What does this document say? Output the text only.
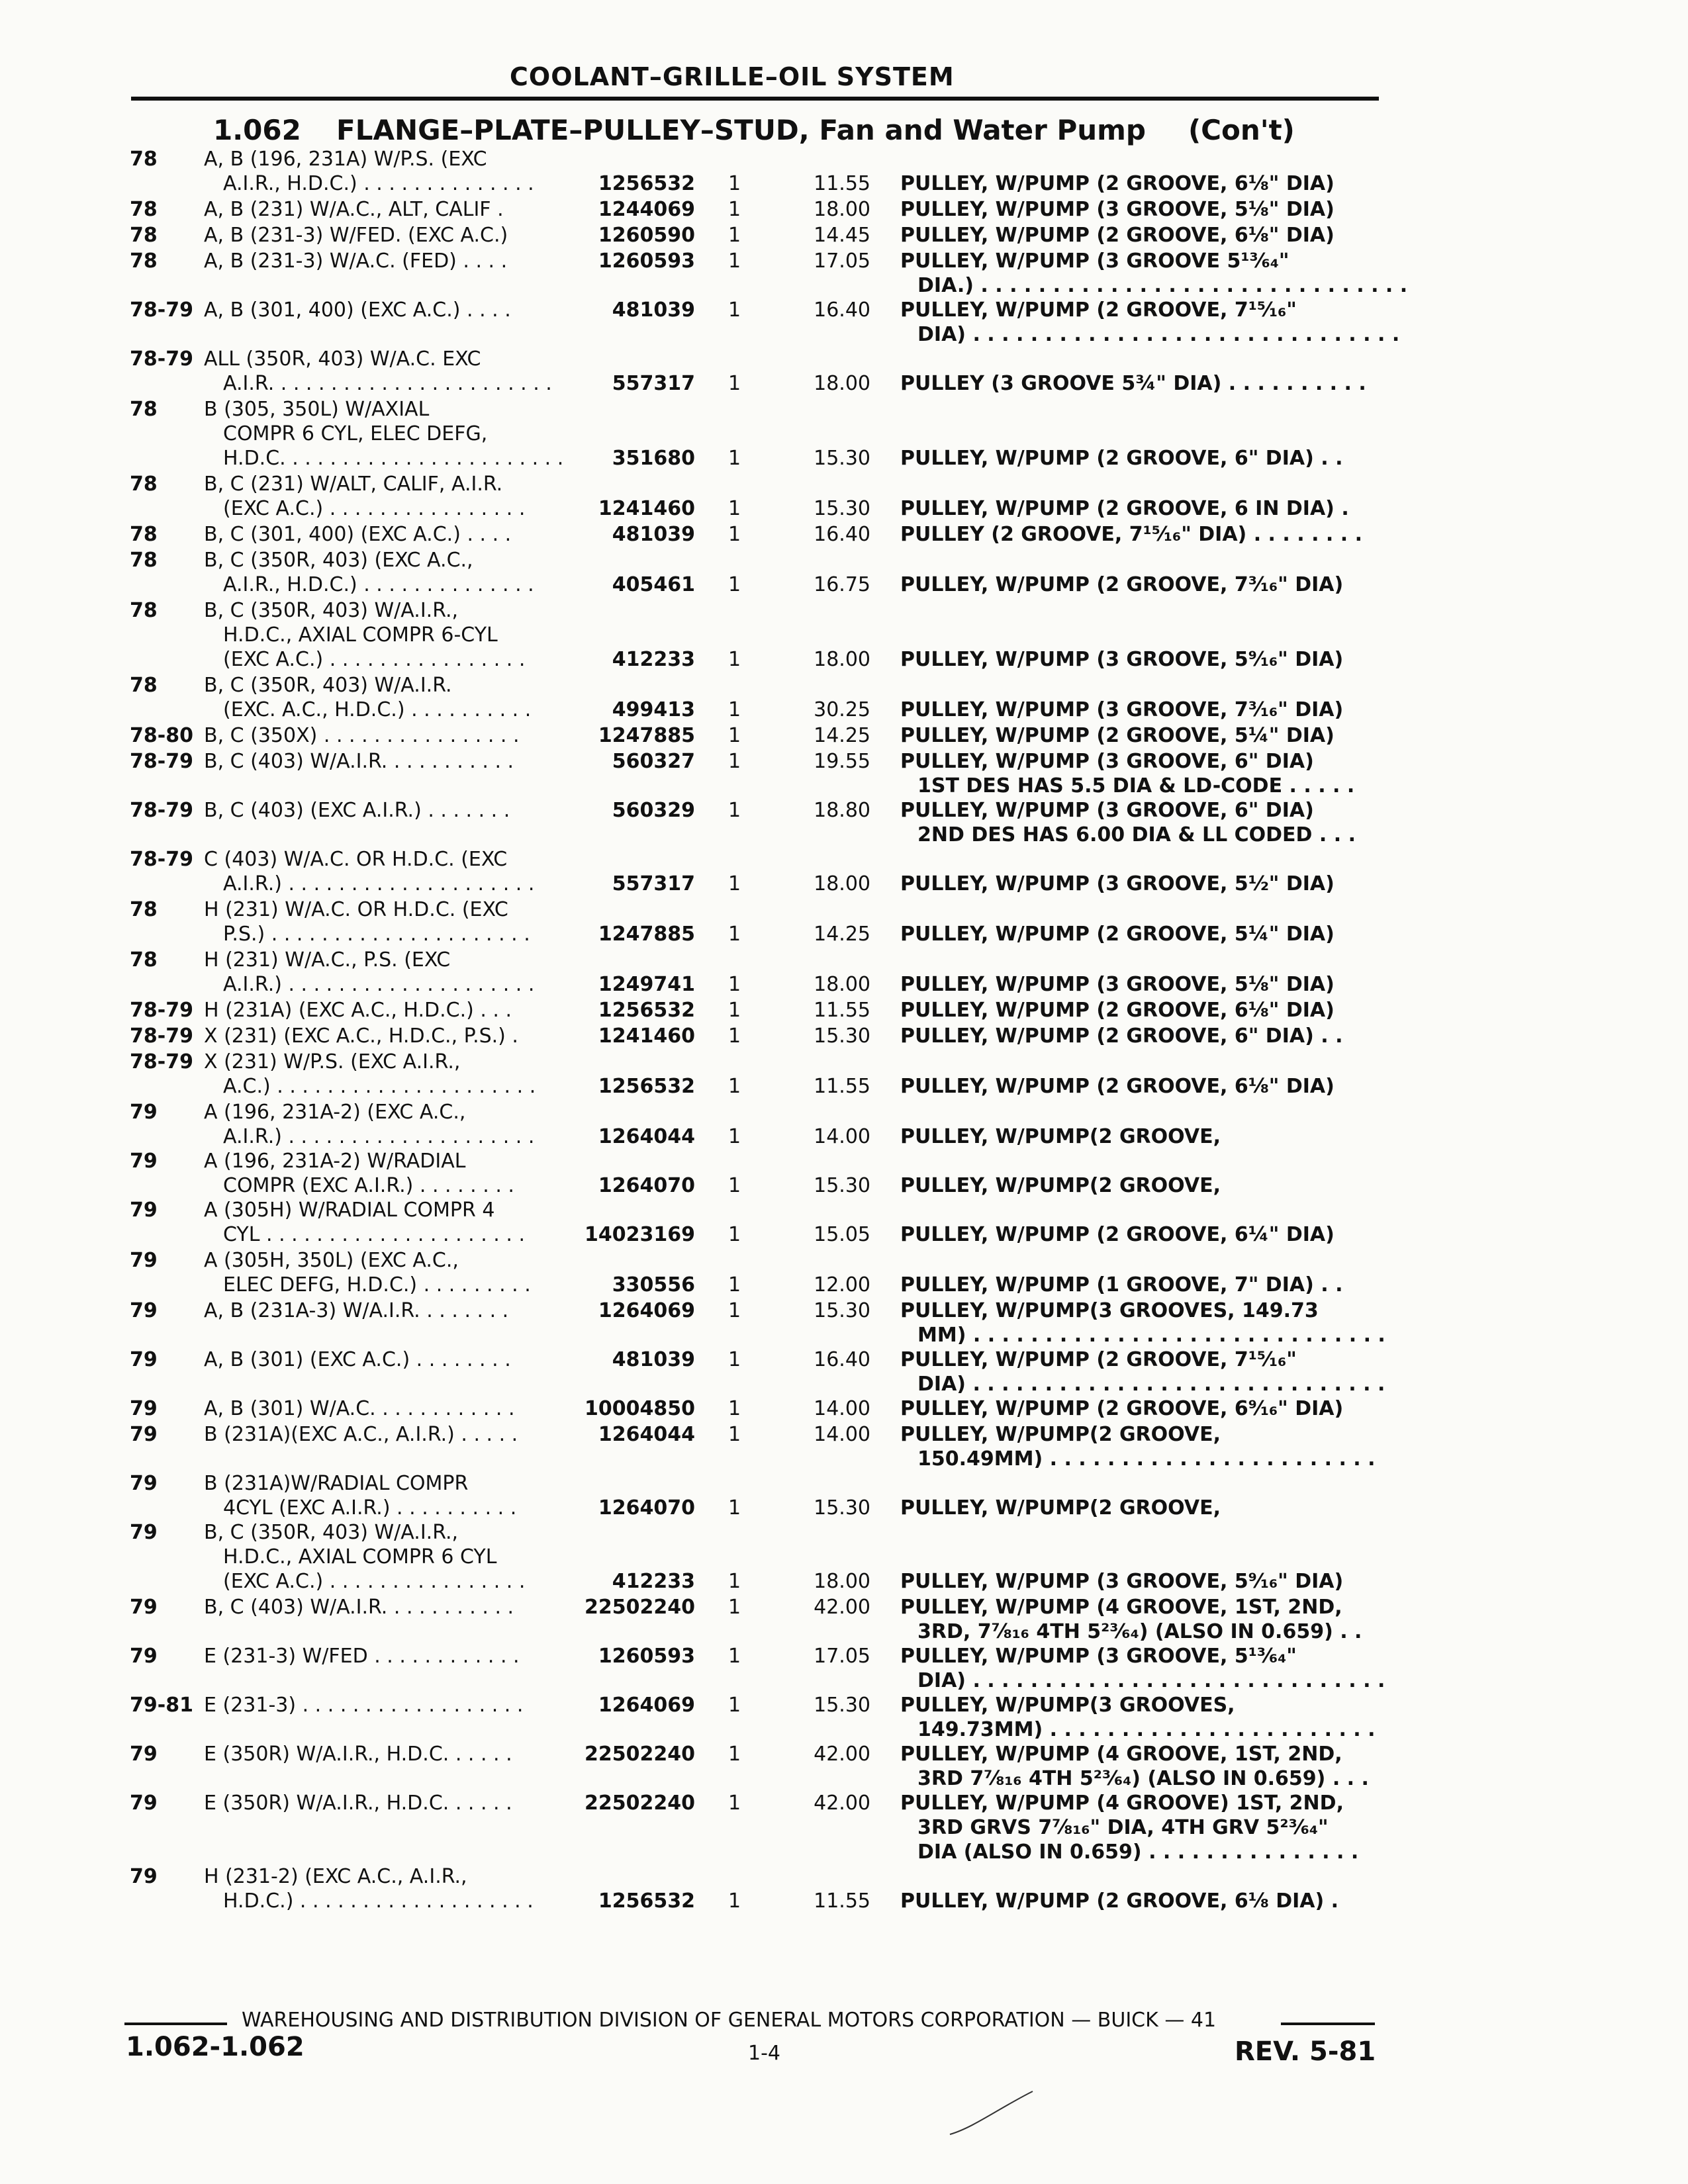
COOLANT–GRILLE–OIL SYSTEM
1.062 FLANGE–PLATE–PULLEY–STUD, Fan and Water Pump (Con't)
78 A, B (196, 231A) W/P.S. (EXC
A.I.R., H.D.C.) . . . . . . . . . . . . . .	1256532 1	11.55 PULLEY, W/PUMP (2 GROOVE, 6⅛" DIA)
78 A, B (231) W/A.C., ALT, CALIF .	1244069 1	18.00 PULLEY, W/PUMP (3 GROOVE, 5⅛" DIA)
78 A, B (231-3) W/FED. (EXC A.C.)	1260590 1	14.45 PULLEY, W/PUMP (2 GROOVE, 6⅛" DIA)
78 A, B (231-3) W/A.C. (FED) . . . .	1260593 1	17.05 PULLEY, W/PUMP (3 GROOVE 5¹³⁄₆₄"
DIA.) . . . . . . . . . . . . . . . . . . . . . . . . . . . . . .
78-79 A, B (301, 400) (EXC A.C.) . . . .	481039 1	16.40 PULLEY, W/PUMP (2 GROOVE, 7¹⁵⁄₁₆"
DIA) . . . . . . . . . . . . . . . . . . . . . . . . . . . . . .
78-79 ALL (350R, 403) W/A.C. EXC
A.I.R. . . . . . . . . . . . . . . . . . . . . . .	557317 1	18.00 PULLEY (3 GROOVE 5¾" DIA) . . . . . . . . . .
78 B (305, 350L) W/AXIAL
COMPR 6 CYL, ELEC DEFG,
H.D.C. . . . . . . . . . . . . . . . . . . . . . .	351680 1	15.30 PULLEY, W/PUMP (2 GROOVE, 6" DIA) . .
78 B, C (231) W/ALT, CALIF, A.I.R.
(EXC A.C.) . . . . . . . . . . . . . . . .	1241460 1	15.30 PULLEY, W/PUMP (2 GROOVE, 6 IN DIA) .
78 B, C (301, 400) (EXC A.C.) . . . .	481039 1	16.40 PULLEY (2 GROOVE, 7¹⁵⁄₁₆" DIA) . . . . . . . .
78 B, C (350R, 403) (EXC A.C.,
A.I.R., H.D.C.) . . . . . . . . . . . . . .	405461 1	16.75 PULLEY, W/PUMP (2 GROOVE, 7³⁄₁₆" DIA)
78 B, C (350R, 403) W/A.I.R.,
H.D.C., AXIAL COMPR 6-CYL
(EXC A.C.) . . . . . . . . . . . . . . . .	412233 1	18.00 PULLEY, W/PUMP (3 GROOVE, 5⁹⁄₁₆" DIA)
78 B, C (350R, 403) W/A.I.R.
(EXC. A.C., H.D.C.) . . . . . . . . . .	499413 1	30.25 PULLEY, W/PUMP (3 GROOVE, 7³⁄₁₆" DIA)
78-80 B, C (350X) . . . . . . . . . . . . . . . .	1247885 1	14.25 PULLEY, W/PUMP (2 GROOVE, 5¼" DIA)
78-79 B, C (403) W/A.I.R. . . . . . . . . . .	560327 1	19.55 PULLEY, W/PUMP (3 GROOVE, 6" DIA)
1ST DES HAS 5.5 DIA & LD-CODE . . . . .
78-79 B, C (403) (EXC A.I.R.) . . . . . . .	560329 1	18.80 PULLEY, W/PUMP (3 GROOVE, 6" DIA)
2ND DES HAS 6.00 DIA & LL CODED . . .
78-79 C (403) W/A.C. OR H.D.C. (EXC
A.I.R.) . . . . . . . . . . . . . . . . . . . .	557317 1	18.00 PULLEY, W/PUMP (3 GROOVE, 5½" DIA)
78 H (231) W/A.C. OR H.D.C. (EXC
P.S.) . . . . . . . . . . . . . . . . . . . . .	1247885 1	14.25 PULLEY, W/PUMP (2 GROOVE, 5¼" DIA)
78 H (231) W/A.C., P.S. (EXC
A.I.R.) . . . . . . . . . . . . . . . . . . . .	1249741 1	18.00 PULLEY, W/PUMP (3 GROOVE, 5⅛" DIA)
78-79 H (231A) (EXC A.C., H.D.C.) . . .	1256532 1	11.55 PULLEY, W/PUMP (2 GROOVE, 6⅛" DIA)
78-79 X (231) (EXC A.C., H.D.C., P.S.) .	1241460 1	15.30 PULLEY, W/PUMP (2 GROOVE, 6" DIA) . .
78-79 X (231) W/P.S. (EXC A.I.R.,
A.C.) . . . . . . . . . . . . . . . . . . . . .	1256532 1	11.55 PULLEY, W/PUMP (2 GROOVE, 6⅛" DIA)
79 A (196, 231A-2) (EXC A.C.,
A.I.R.) . . . . . . . . . . . . . . . . . . . .	1264044 1	14.00 PULLEY, W/PUMP(2 GROOVE,
79 A (196, 231A-2) W/RADIAL
COMPR (EXC A.I.R.) . . . . . . . .	1264070 1	15.30 PULLEY, W/PUMP(2 GROOVE,
79 A (305H) W/RADIAL COMPR 4
CYL . . . . . . . . . . . . . . . . . . . . .	14023169 1	15.05 PULLEY, W/PUMP (2 GROOVE, 6¼" DIA)
79 A (305H, 350L) (EXC A.C.,
ELEC DEFG, H.D.C.) . . . . . . . . .	330556 1	12.00 PULLEY, W/PUMP (1 GROOVE, 7" DIA) . .
79 A, B (231A-3) W/A.I.R. . . . . . . .	1264069 1	15.30 PULLEY, W/PUMP(3 GROOVES, 149.73
MM) . . . . . . . . . . . . . . . . . . . . . . . . . . . . .
79 A, B (301) (EXC A.C.) . . . . . . . .	481039 1	16.40 PULLEY, W/PUMP (2 GROOVE, 7¹⁵⁄₁₆"
DIA) . . . . . . . . . . . . . . . . . . . . . . . . . . . . .
79 A, B (301) W/A.C. . . . . . . . . . . .	10004850 1	14.00 PULLEY, W/PUMP (2 GROOVE, 6⁹⁄₁₆" DIA)
79 B (231A)(EXC A.C., A.I.R.) . . . . .	1264044 1	14.00 PULLEY, W/PUMP(2 GROOVE,
150.49MM) . . . . . . . . . . . . . . . . . . . . . . .
79 B (231A)W/RADIAL COMPR
4CYL (EXC A.I.R.) . . . . . . . . . .	1264070 1	15.30 PULLEY, W/PUMP(2 GROOVE,
79 B, C (350R, 403) W/A.I.R.,
H.D.C., AXIAL COMPR 6 CYL
(EXC A.C.) . . . . . . . . . . . . . . . .	412233 1	18.00 PULLEY, W/PUMP (3 GROOVE, 5⁹⁄₁₆" DIA)
79 B, C (403) W/A.I.R. . . . . . . . . . .	22502240 1	42.00 PULLEY, W/PUMP (4 GROOVE, 1ST, 2ND,
3RD, 7⅞₁₆ 4TH 5²³⁄₆₄) (ALSO IN 0.659) . .
79 E (231-3) W/FED . . . . . . . . . . . .	1260593 1	17.05 PULLEY, W/PUMP (3 GROOVE, 5¹³⁄₆₄"
DIA) . . . . . . . . . . . . . . . . . . . . . . . . . . . . .
79-81 E (231-3) . . . . . . . . . . . . . . . . . .	1264069 1	15.30 PULLEY, W/PUMP(3 GROOVES,
149.73MM) . . . . . . . . . . . . . . . . . . . . . . .
79 E (350R) W/A.I.R., H.D.C. . . . . .	22502240 1	42.00 PULLEY, W/PUMP (4 GROOVE, 1ST, 2ND,
3RD 7⅞₁₆ 4TH 5²³⁄₆₄) (ALSO IN 0.659) . . .
79 E (350R) W/A.I.R., H.D.C. . . . . .	22502240 1	42.00 PULLEY, W/PUMP (4 GROOVE) 1ST, 2ND,
3RD GRVS 7⅞₁₆" DIA, 4TH GRV 5²³⁄₆₄"
DIA (ALSO IN 0.659) . . . . . . . . . . . . . . .
79 H (231-2) (EXC A.C., A.I.R.,
H.D.C.) . . . . . . . . . . . . . . . . . . .	1256532 1	11.55 PULLEY, W/PUMP (2 GROOVE, 6⅛ DIA) .
WAREHOUSING AND DISTRIBUTION DIVISION OF GENERAL MOTORS CORPORATION — BUICK — 41
1.062-1.062	1-4	REV. 5-81
